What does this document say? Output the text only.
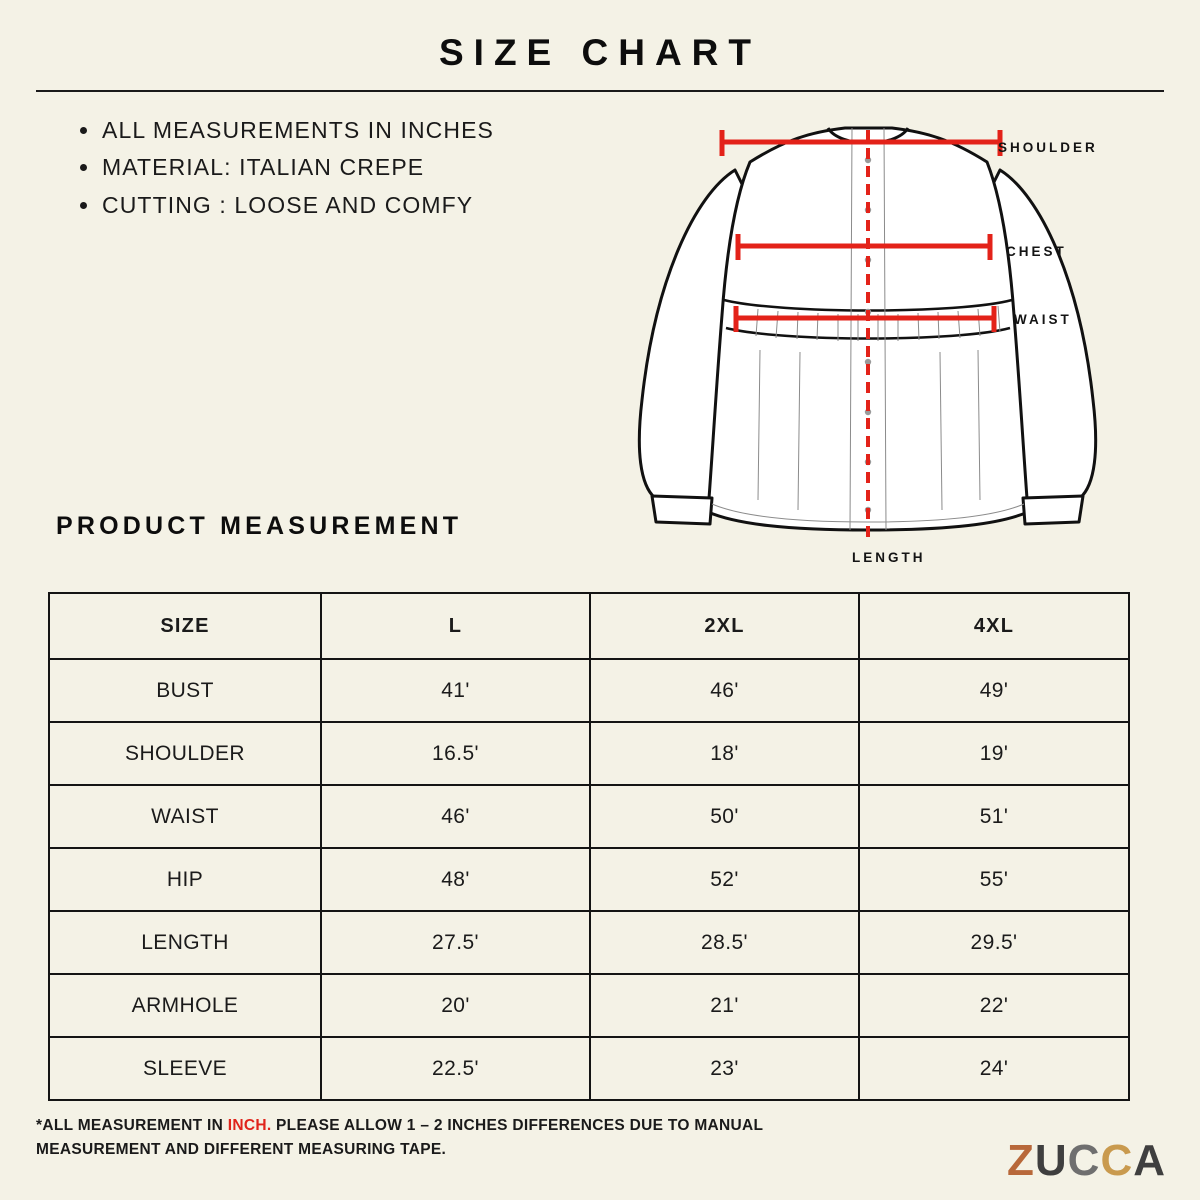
SIZE CHART
ALL MEASUREMENTS IN INCHES
MATERIAL: ITALIAN CREPE
CUTTING : LOOSE AND COMFY
SHOULDER
CHEST
WAIST
LENGTH
PRODUCT MEASUREMENT
SIZE	L	2XL	4XL
BUST	41'	46'	49'
SHOULDER	16.5'	18'	19'
WAIST	46'	50'	51'
HIP	48'	52'	55'
LENGTH	27.5'	28.5'	29.5'
ARMHOLE	20'	21'	22'
SLEEVE	22.5'	23'	24'
*ALL MEASUREMENT IN INCH. PLEASE ALLOW 1 – 2 INCHES DIFFERENCES DUE TO MANUAL MEASUREMENT AND DIFFERENT MEASURING TAPE.	ZUCCA
